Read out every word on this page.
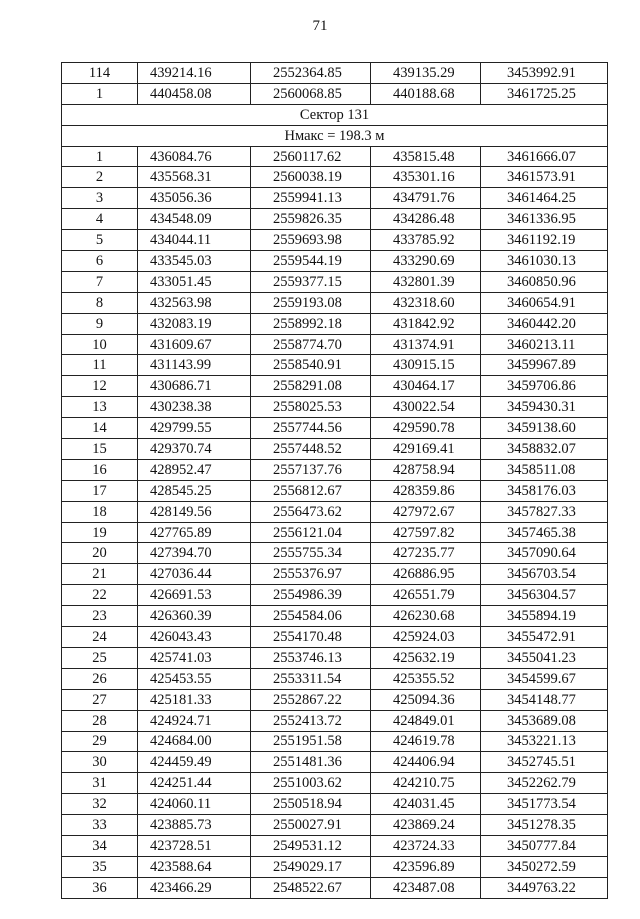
71
114	439214.16	2552364.85	439135.29	3453992.91
1	440458.08	2560068.85	440188.68	3461725.25
Сектор 131				
Нмакс = 198.3 м				
1	436084.76	2560117.62	435815.48	3461666.07
2	435568.31	2560038.19	435301.16	3461573.91
3	435056.36	2559941.13	434791.76	3461464.25
4	434548.09	2559826.35	434286.48	3461336.95
5	434044.11	2559693.98	433785.92	3461192.19
6	433545.03	2559544.19	433290.69	3461030.13
7	433051.45	2559377.15	432801.39	3460850.96
8	432563.98	2559193.08	432318.60	3460654.91
9	432083.19	2558992.18	431842.92	3460442.20
10	431609.67	2558774.70	431374.91	3460213.11
11	431143.99	2558540.91	430915.15	3459967.89
12	430686.71	2558291.08	430464.17	3459706.86
13	430238.38	2558025.53	430022.54	3459430.31
14	429799.55	2557744.56	429590.78	3459138.60
15	429370.74	2557448.52	429169.41	3458832.07
16	428952.47	2557137.76	428758.94	3458511.08
17	428545.25	2556812.67	428359.86	3458176.03
18	428149.56	2556473.62	427972.67	3457827.33
19	427765.89	2556121.04	427597.82	3457465.38
20	427394.70	2555755.34	427235.77	3457090.64
21	427036.44	2555376.97	426886.95	3456703.54
22	426691.53	2554986.39	426551.79	3456304.57
23	426360.39	2554584.06	426230.68	3455894.19
24	426043.43	2554170.48	425924.03	3455472.91
25	425741.03	2553746.13	425632.19	3455041.23
26	425453.55	2553311.54	425355.52	3454599.67
27	425181.33	2552867.22	425094.36	3454148.77
28	424924.71	2552413.72	424849.01	3453689.08
29	424684.00	2551951.58	424619.78	3453221.13
30	424459.49	2551481.36	424406.94	3452745.51
31	424251.44	2551003.62	424210.75	3452262.79
32	424060.11	2550518.94	424031.45	3451773.54
33	423885.73	2550027.91	423869.24	3451278.35
34	423728.51	2549531.12	423724.33	3450777.84
35	423588.64	2549029.17	423596.89	3450272.59
36	423466.29	2548522.67	423487.08	3449763.22
